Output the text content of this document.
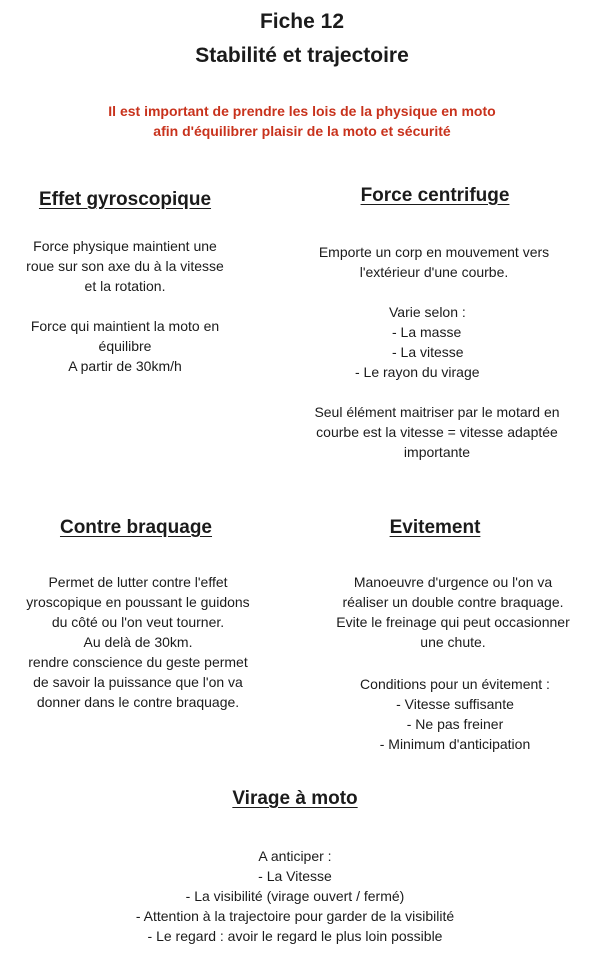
Fiche 12
Stabilité et trajectoire
Il est important de prendre les lois de la physique en moto
afin d'équilibrer plaisir de la moto et sécurité
Effet gyroscopique
Force physique maintient une
roue sur son axe du à la vitesse
et la rotation.
Force qui maintient la moto en
équilibre
A partir de 30km/h
Force centrifuge
Emporte un corp en mouvement vers
l'extérieur d'une courbe.
Varie selon :
- La masse
- La vitesse
- Le rayon du virage
Seul élément maitriser par le motard en
courbe est la vitesse = vitesse adaptée
importante
Contre braquage
Permet de lutter contre l'effet
yroscopique en poussant le guidons
du côté ou l'on veut tourner.
Au delà de 30km.
rendre conscience du geste permet
de savoir la puissance que l'on va
donner dans le contre braquage.
Evitement
Manoeuvre d'urgence ou l'on va
réaliser un double contre braquage.
Evite le freinage qui peut occasionner
une chute.
Conditions pour un évitement :
- Vitesse suffisante
- Ne pas freiner
- Minimum d'anticipation
Virage à moto
A anticiper :
- La Vitesse
- La visibilité (virage ouvert / fermé)
- Attention à la trajectoire pour garder de la visibilité
- Le regard : avoir le regard le plus loin possible
